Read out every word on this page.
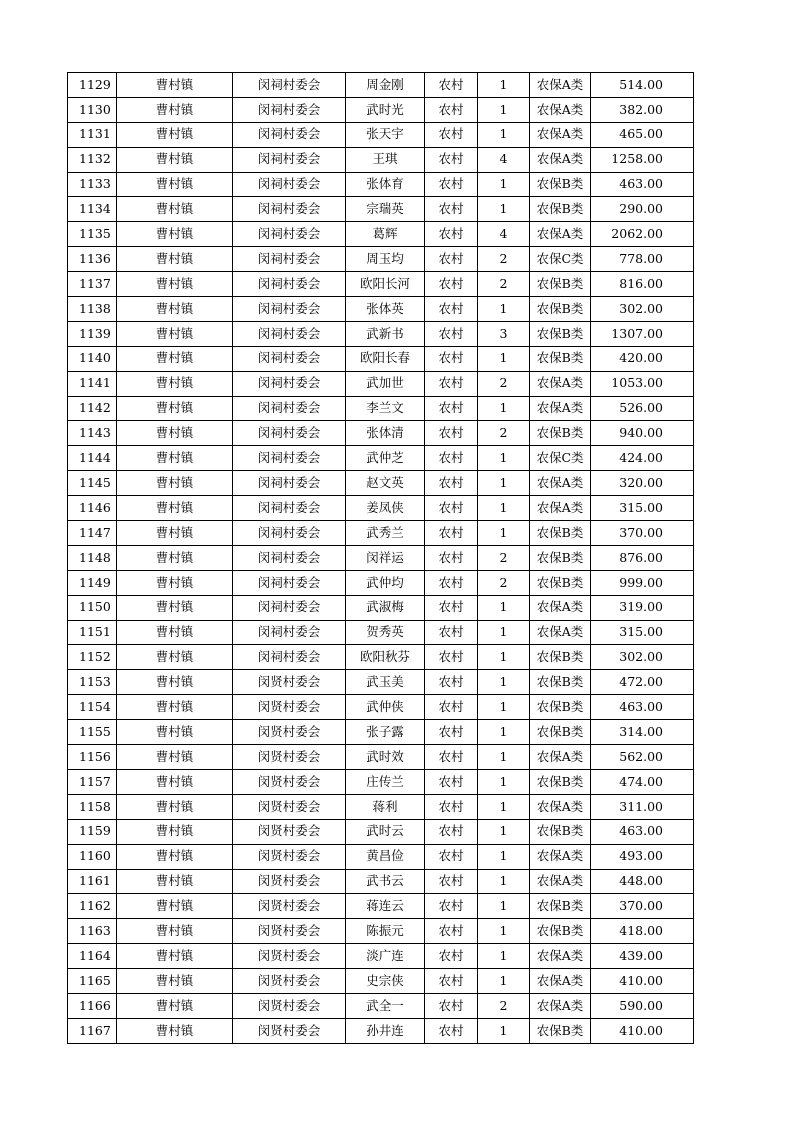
1129	曹村镇	闵祠村委会	周金刚	农村	1	农保A类	514.00
1130	曹村镇	闵祠村委会	武时光	农村	1	农保A类	382.00
1131	曹村镇	闵祠村委会	张天宇	农村	1	农保A类	465.00
1132	曹村镇	闵祠村委会	王琪	农村	4	农保A类	1258.00
1133	曹村镇	闵祠村委会	张体育	农村	1	农保B类	463.00
1134	曹村镇	闵祠村委会	宗瑞英	农村	1	农保B类	290.00
1135	曹村镇	闵祠村委会	葛辉	农村	4	农保A类	2062.00
1136	曹村镇	闵祠村委会	周玉均	农村	2	农保C类	778.00
1137	曹村镇	闵祠村委会	欧阳长河	农村	2	农保B类	816.00
1138	曹村镇	闵祠村委会	张体英	农村	1	农保B类	302.00
1139	曹村镇	闵祠村委会	武新书	农村	3	农保B类	1307.00
1140	曹村镇	闵祠村委会	欧阳长春	农村	1	农保B类	420.00
1141	曹村镇	闵祠村委会	武加世	农村	2	农保A类	1053.00
1142	曹村镇	闵祠村委会	李兰文	农村	1	农保A类	526.00
1143	曹村镇	闵祠村委会	张体清	农村	2	农保B类	940.00
1144	曹村镇	闵祠村委会	武仲芝	农村	1	农保C类	424.00
1145	曹村镇	闵祠村委会	赵文英	农村	1	农保A类	320.00
1146	曹村镇	闵祠村委会	姜凤侠	农村	1	农保A类	315.00
1147	曹村镇	闵祠村委会	武秀兰	农村	1	农保B类	370.00
1148	曹村镇	闵祠村委会	闵祥运	农村	2	农保B类	876.00
1149	曹村镇	闵祠村委会	武仲均	农村	2	农保B类	999.00
1150	曹村镇	闵祠村委会	武淑梅	农村	1	农保A类	319.00
1151	曹村镇	闵祠村委会	贺秀英	农村	1	农保A类	315.00
1152	曹村镇	闵祠村委会	欧阳秋芬	农村	1	农保B类	302.00
1153	曹村镇	闵贤村委会	武玉美	农村	1	农保B类	472.00
1154	曹村镇	闵贤村委会	武仲侠	农村	1	农保B类	463.00
1155	曹村镇	闵贤村委会	张子露	农村	1	农保B类	314.00
1156	曹村镇	闵贤村委会	武时效	农村	1	农保A类	562.00
1157	曹村镇	闵贤村委会	庄传兰	农村	1	农保B类	474.00
1158	曹村镇	闵贤村委会	蒋利	农村	1	农保A类	311.00
1159	曹村镇	闵贤村委会	武时云	农村	1	农保B类	463.00
1160	曹村镇	闵贤村委会	黄昌俭	农村	1	农保A类	493.00
1161	曹村镇	闵贤村委会	武书云	农村	1	农保A类	448.00
1162	曹村镇	闵贤村委会	蒋连云	农村	1	农保B类	370.00
1163	曹村镇	闵贤村委会	陈振元	农村	1	农保B类	418.00
1164	曹村镇	闵贤村委会	淡广连	农村	1	农保A类	439.00
1165	曹村镇	闵贤村委会	史宗侠	农村	1	农保A类	410.00
1166	曹村镇	闵贤村委会	武全一	农村	2	农保A类	590.00
1167	曹村镇	闵贤村委会	孙井连	农村	1	农保B类	410.00
